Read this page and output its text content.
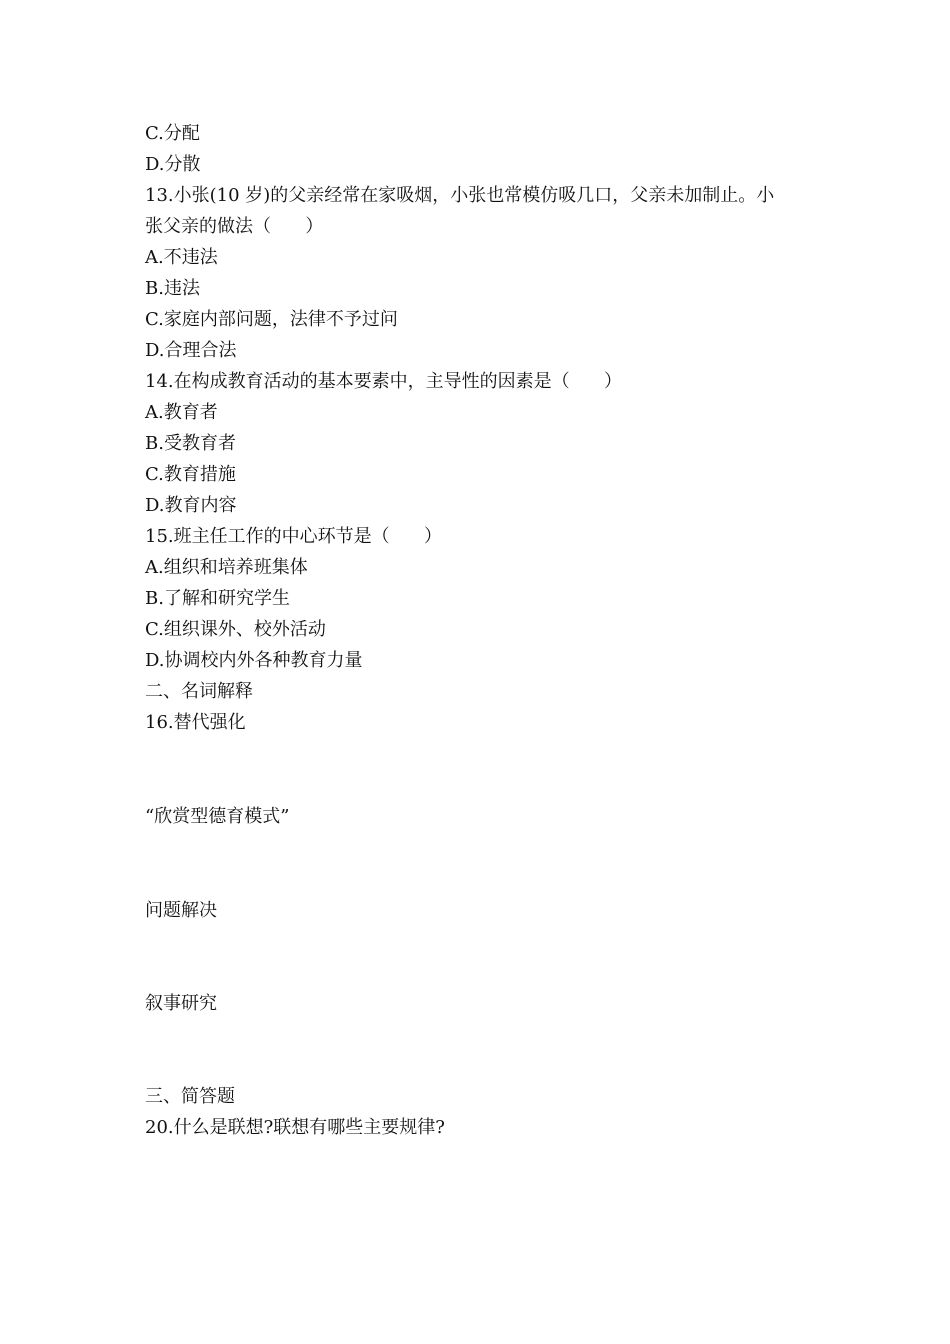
C.分配
D.分散
13.小张(10 岁)的父亲经常在家吸烟，小张也常模仿吸几口，父亲未加制止。小
张父亲的做法（      ）
A.不违法
B.违法
C.家庭内部问题，法律不予过问
D.合理合法
14.在构成教育活动的基本要素中，主导性的因素是（      ）
A.教育者
B.受教育者
C.教育措施
D.教育内容
15.班主任工作的中心环节是（      ）
A.组织和培养班集体
B.了解和研究学生
C.组织课外、校外活动
D.协调校内外各种教育力量
二、名词解释
16.替代强化
“欣赏型德育模式”
问题解决
叙事研究
三、简答题
20.什么是联想?联想有哪些主要规律?
